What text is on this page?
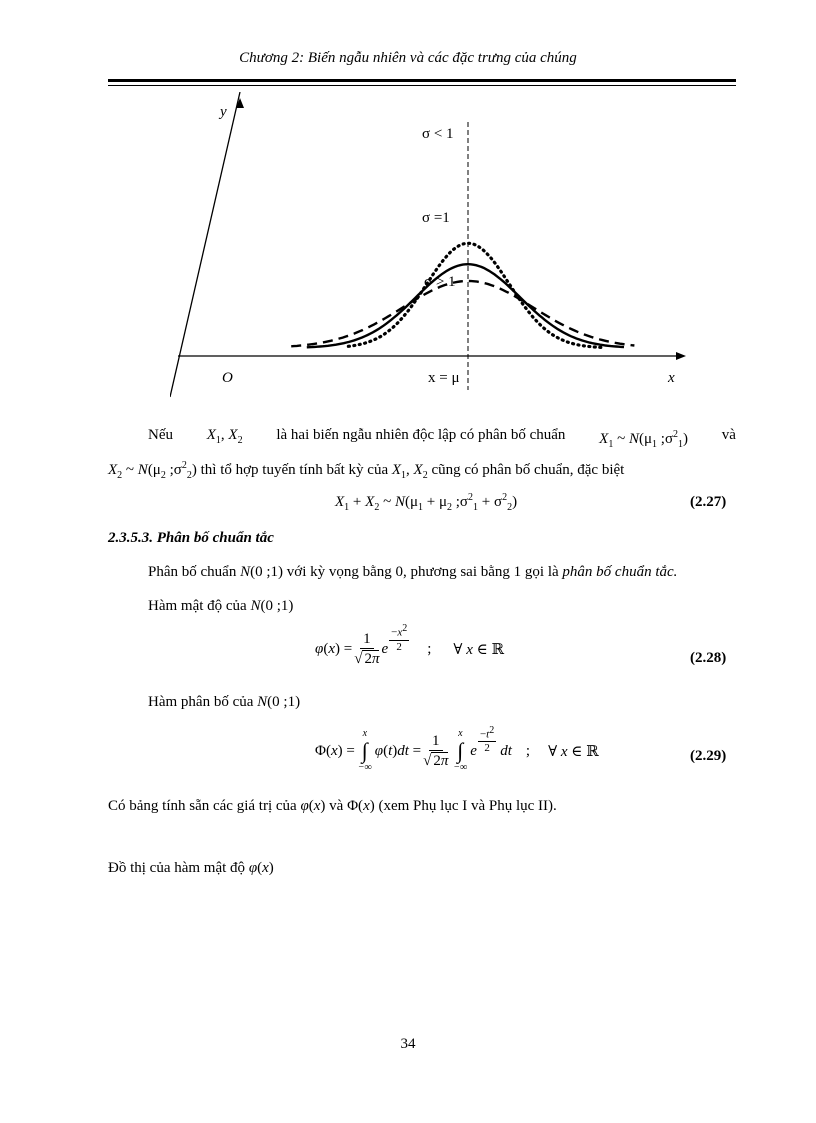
Chương 2: Biến ngẫu nhiên và các đặc trưng của chúng
y
x
O	x = μ
σ < 1
σ =1
σ > 1
Nếu $X_1$, $X_2$ là hai biến ngẫu nhiên độc lập có phân bố chuẩn $X_1$ ~ $N(\mu_1$ $;\sigma^2_1$) và
$X_2$ ~ $N(\mu_2$ $;\sigma^2_2$) thì tổ hợp tuyến tính bất kỳ của $X_1$, $X_2$ cũng có phân bố chuẩn, đặc biệt
$X_1 + X_2$ ~ $N(\mu_1 + \mu_2$ $;\sigma^2_1 + \sigma^2_2$)	(2.27)
2.3.5.3. Phân bố chuẩn tắc
Phân bố chuẩn N(0 ;1) với kỳ vọng bằng 0, phương sai bằng 1 gọi là phân bố chuẩn tắc.
Hàm mật độ của N(0 ;1)
$\varphi(x) = \frac{1}{√ 2\pi}$ e
$-x^2$
2 ; ∀ x ∈ ℝ	(2.28)
Hàm phân bố của N(0 ;1)
Φ(x) =
x
∫
−∞
$\varphi(t)dt = \frac{1}{√ 2\pi}$ x
∫
−∞
e
$-t^2$
2 dt ; ∀ x ∈ ℝ	(2.29)
Có bảng tính sẵn các giá trị của φ(x) và Φ(x) (xem Phụ lục I và Phụ lục II).
Đồ thị của hàm mật độ φ(x)
34
